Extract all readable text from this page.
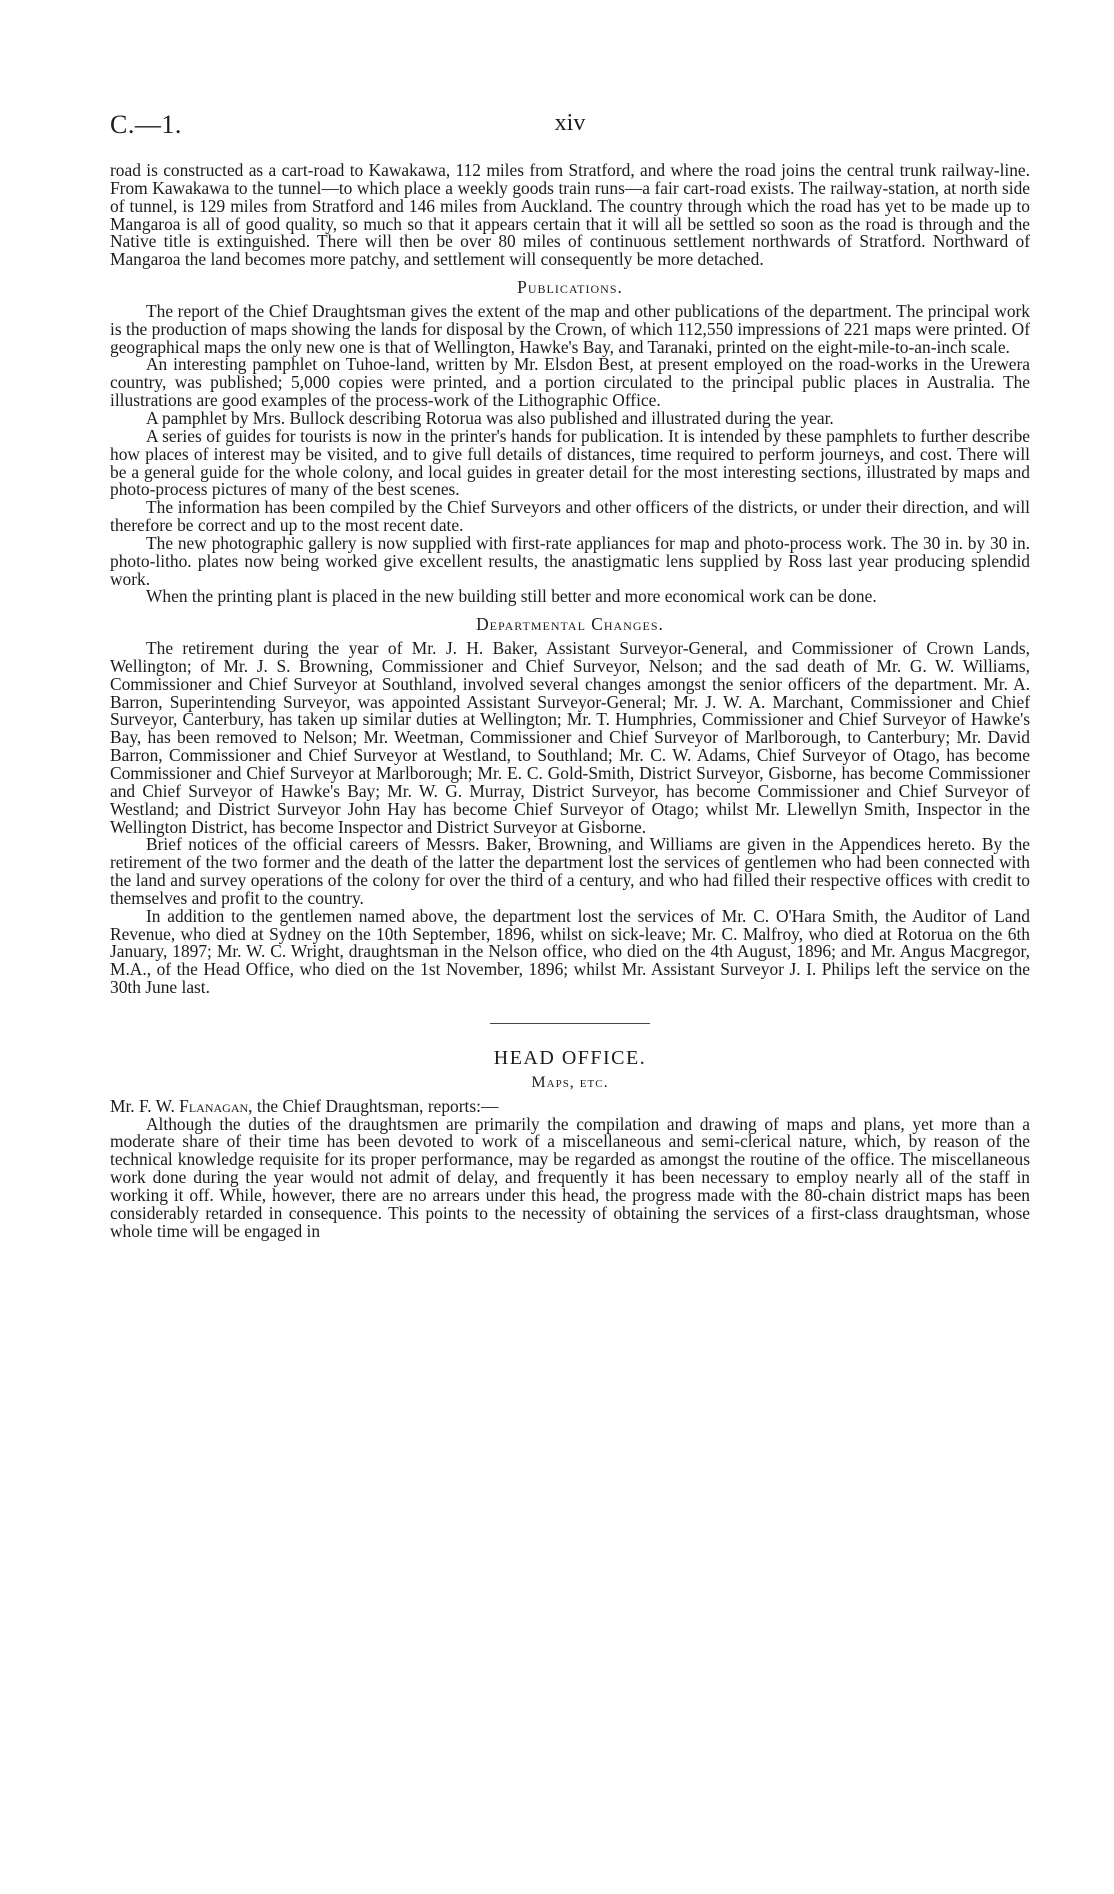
C.—1.	xiv

road is constructed as a cart-road to Kawakawa, 112 miles from Stratford, and where the road joins the central trunk railway-line. From Kawakawa to the tunnel—to which place a weekly goods train runs—a fair cart-road exists. The railway-station, at north side of tunnel, is 129 miles from Stratford and 146 miles from Auckland. The country through which the road has yet to be made up to Mangaroa is all of good quality, so much so that it appears certain that it will all be settled so soon as the road is through and the Native title is extinguished. There will then be over 80 miles of continuous settlement northwards of Stratford. Northward of Mangaroa the land becomes more patchy, and settlement will consequently be more detached.

Publications.

The report of the Chief Draughtsman gives the extent of the map and other publications of the department. The principal work is the production of maps showing the lands for disposal by the Crown, of which 112,550 impressions of 221 maps were printed. Of geographical maps the only new one is that of Wellington, Hawke's Bay, and Taranaki, printed on the eight-mile-to-an-inch scale.

An interesting pamphlet on Tuhoe-land, written by Mr. Elsdon Best, at present employed on the road-works in the Urewera country, was published; 5,000 copies were printed, and a portion circulated to the principal public places in Australia. The illustrations are good examples of the process-work of the Lithographic Office.

A pamphlet by Mrs. Bullock describing Rotorua was also published and illustrated during the year.

A series of guides for tourists is now in the printer's hands for publication. It is intended by these pamphlets to further describe how places of interest may be visited, and to give full details of distances, time required to perform journeys, and cost. There will be a general guide for the whole colony, and local guides in greater detail for the most interesting sections, illustrated by maps and photo-process pictures of many of the best scenes.

The information has been compiled by the Chief Surveyors and other officers of the districts, or under their direction, and will therefore be correct and up to the most recent date.

The new photographic gallery is now supplied with first-rate appliances for map and photo-process work. The 30 in. by 30 in. photo-litho. plates now being worked give excellent results, the anastigmatic lens supplied by Ross last year producing splendid work.

When the printing plant is placed in the new building still better and more economical work can be done.

Departmental Changes.

The retirement during the year of Mr. J. H. Baker, Assistant Surveyor-General, and Commissioner of Crown Lands, Wellington; of Mr. J. S. Browning, Commissioner and Chief Surveyor, Nelson; and the sad death of Mr. G. W. Williams, Commissioner and Chief Surveyor at Southland, involved several changes amongst the senior officers of the department. Mr. A. Barron, Superintending Surveyor, was appointed Assistant Surveyor-General; Mr. J. W. A. Marchant, Commissioner and Chief Surveyor, Canterbury, has taken up similar duties at Wellington; Mr. T. Humphries, Commissioner and Chief Surveyor of Hawke's Bay, has been removed to Nelson; Mr. Weetman, Commissioner and Chief Surveyor of Marlborough, to Canterbury; Mr. David Barron, Commissioner and Chief Surveyor at Westland, to Southland; Mr. C. W. Adams, Chief Surveyor of Otago, has become Commissioner and Chief Surveyor at Marlborough; Mr. E. C. Gold-Smith, District Surveyor, Gisborne, has become Commissioner and Chief Surveyor of Hawke's Bay; Mr. W. G. Murray, District Surveyor, has become Commissioner and Chief Surveyor of Westland; and District Surveyor John Hay has become Chief Surveyor of Otago; whilst Mr. Llewellyn Smith, Inspector in the Wellington District, has become Inspector and District Surveyor at Gisborne.

Brief notices of the official careers of Messrs. Baker, Browning, and Williams are given in the Appendices hereto. By the retirement of the two former and the death of the latter the department lost the services of gentlemen who had been connected with the land and survey operations of the colony for over the third of a century, and who had filled their respective offices with credit to themselves and profit to the country.

In addition to the gentlemen named above, the department lost the services of Mr. C. O'Hara Smith, the Auditor of Land Revenue, who died at Sydney on the 10th September, 1896, whilst on sick-leave; Mr. C. Malfroy, who died at Rotorua on the 6th January, 1897; Mr. W. C. Wright, draughtsman in the Nelson office, who died on the 4th August, 1896; and Mr. Angus Macgregor, M.A., of the Head Office, who died on the 1st November, 1896; whilst Mr. Assistant Surveyor J. I. Philips left the service on the 30th June last.

HEAD OFFICE.
Maps, etc.

Mr. F. W. Flanagan, the Chief Draughtsman, reports:—

Although the duties of the draughtsmen are primarily the compilation and drawing of maps and plans, yet more than a moderate share of their time has been devoted to work of a miscellaneous and semi-clerical nature, which, by reason of the technical knowledge requisite for its proper performance, may be regarded as amongst the routine of the office. The miscellaneous work done during the year would not admit of delay, and frequently it has been necessary to employ nearly all of the staff in working it off. While, however, there are no arrears under this head, the progress made with the 80-chain district maps has been considerably retarded in consequence. This points to the necessity of obtaining the services of a first-class draughtsman, whose whole time will be engaged in
